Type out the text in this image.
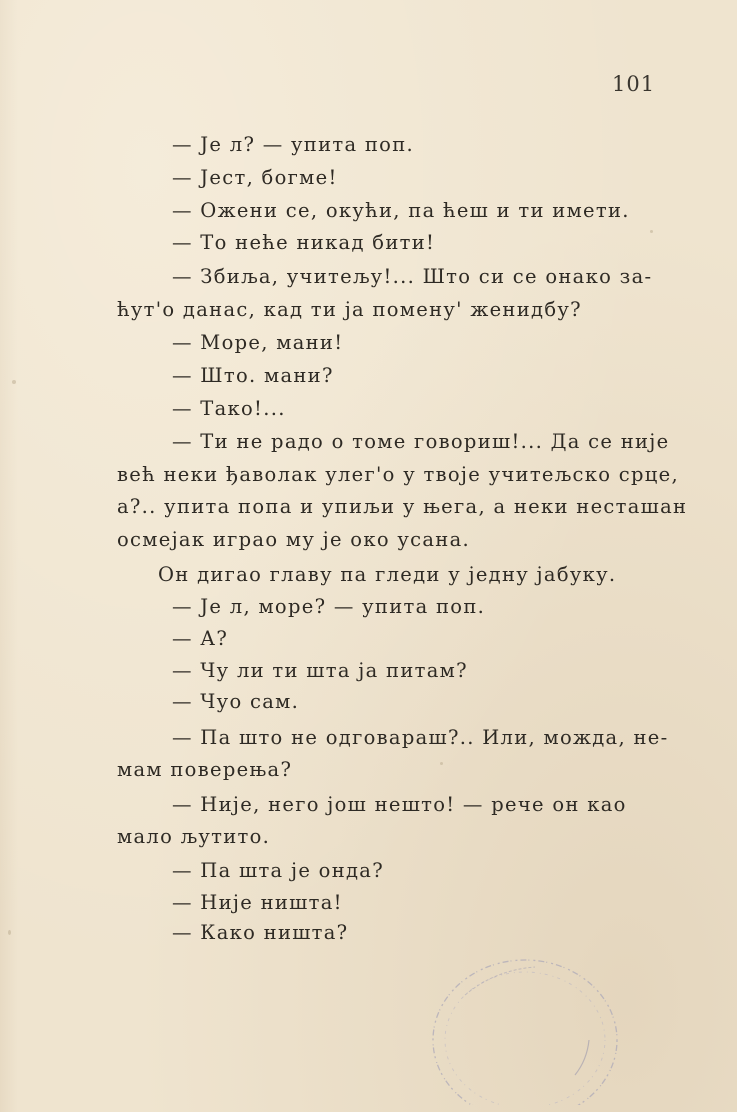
101
— Је л? — упита поп.
— Јест, богме!
— Ожени се, окући, па ћеш и ти имети.
— То неће никад бити!
— Збиља, учитељу!... Што си се онако за-
ћут'о данас, кад ти ја помену' женидбу?
— Море, мани!
— Што. мани?
— Тако!...
— Ти не радо о томе говориш!... Да се није
већ неки ђаволак улег'о у твоје учитељско срце,
а?.. упита попа и упиљи у њега, а неки несташан
осмејак играо му је око усана.
Он дигао главу па гледи у једну јабуку.
— Је л, море? — упита поп.
— А?
— Чу ли ти шта ја питам?
— Чуо сам.
— Па што не одговараш?.. Или, можда, не-
мам поверења?
— Није, него још нешто! — рече он као
мало љутито.
— Па шта је онда?
— Није ништа!
— Како ништа?
